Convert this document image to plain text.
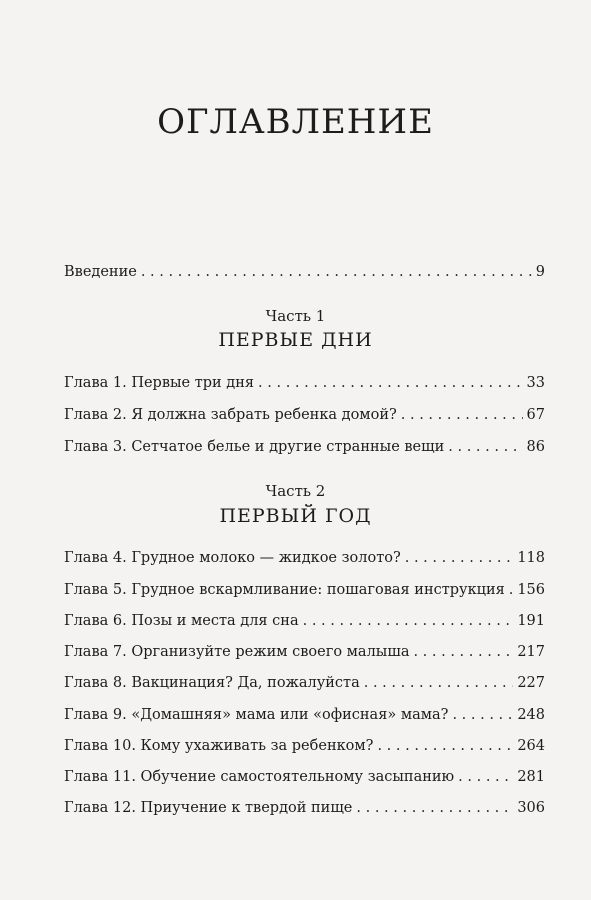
ОГЛАВЛЕНИЕ
Введение . . .	9
Часть 1
ПЕРВЫЕ ДНИ
Глава 1. Первые три дня . . .	33
Глава 2. Я должна забрать ребенка домой? . . .	67
Глава 3. Сетчатое белье и другие странные вещи . . .	86
Часть 2
ПЕРВЫЙ ГОД
Глава 4. Грудное молоко — жидкое золото? . . .	118
Глава 5. Грудное вскармливание: пошаговая инструкция . . . 156
Глава 6. Позы и места для сна . . .	191
Глава 7. Организуйте режим своего малыша . . .	217
Глава 8. Вакцинация? Да, пожалуйста . . .	227
Глава 9. «Домашняя» мама или «офисная» мама? . . .	248
Глава 10. Кому ухаживать за ребенком? . . .	264
Глава 11. Обучение самостоятельному засыпанию . . .	281
Глава 12. Приучение к твердой пище . . .	306
